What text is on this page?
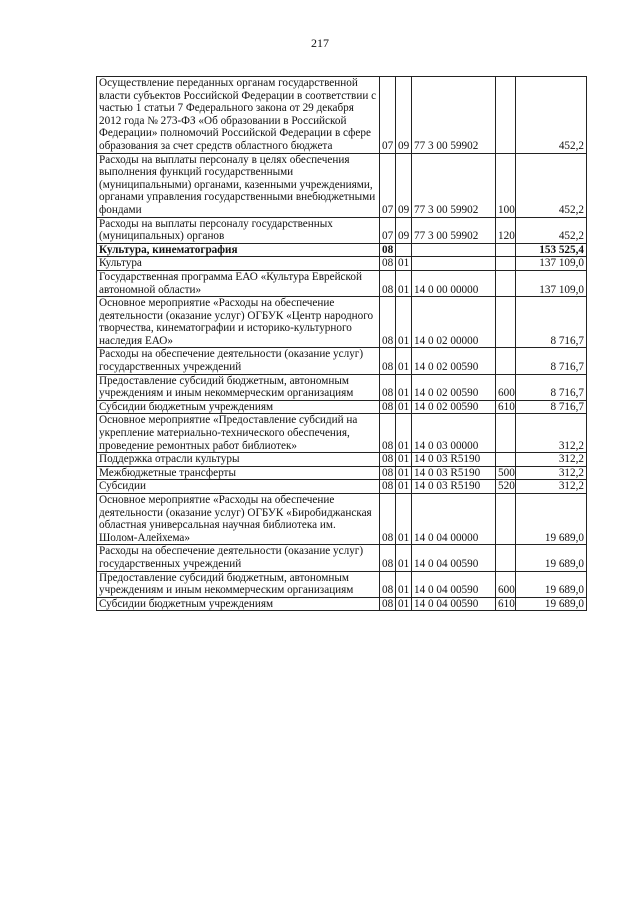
217
Осуществление переданных органам государственной власти субъектов Российской Федерации в соответствии с частью 1 статьи 7 Федерального закона от 29 декабря 2012 года № 273-ФЗ «Об образовании в Российской Федерации» полномочий Российской Федерации в сфере образования за счет средств областного бюджета	07	09	77 3 00 59902		452,2
Расходы на выплаты персоналу в целях обеспечения выполнения функций государственными (муниципальными) органами, казенными учреждениями, органами управления государственными внебюджетными фондами	07	09	77 3 00 59902	100	452,2
Расходы на выплаты персоналу государственных (муниципальных) органов	07	09	77 3 00 59902	120	452,2
Культура, кинематография	08				153 525,4
Культура	08	01			137 109,0
Государственная программа ЕАО «Культура Еврейской автономной области»	08	01	14 0 00 00000		137 109,0
Основное мероприятие «Расходы на обеспечение деятельности (оказание услуг) ОГБУК «Центр народного творчества, кинематографии и историко-культурного наследия ЕАО»	08	01	14 0 02 00000		8 716,7
Расходы на обеспечение деятельности (оказание услуг) государственных учреждений	08	01	14 0 02 00590		8 716,7
Предоставление субсидий бюджетным, автономным учреждениям и иным некоммерческим организациям	08	01	14 0 02 00590	600	8 716,7
Субсидии бюджетным учреждениям	08	01	14 0 02 00590	610	8 716,7
Основное мероприятие «Предоставление субсидий на укрепление материально-технического обеспечения, проведение ремонтных работ библиотек»	08	01	14 0 03 00000		312,2
Поддержка отрасли культуры	08	01	14 0 03 R5190		312,2
Межбюджетные трансферты	08	01	14 0 03 R5190	500	312,2
Субсидии	08	01	14 0 03 R5190	520	312,2
Основное мероприятие «Расходы на обеспечение деятельности (оказание услуг) ОГБУК «Биробиджанская областная универсальная научная библиотека им. Шолом-Алейхема»	08	01	14 0 04 00000		19 689,0
Расходы на обеспечение деятельности (оказание услуг) государственных учреждений	08	01	14 0 04 00590		19 689,0
Предоставление субсидий бюджетным, автономным учреждениям и иным некоммерческим организациям	08	01	14 0 04 00590	600	19 689,0
Субсидии бюджетным учреждениям	08	01	14 0 04 00590	610	19 689,0
